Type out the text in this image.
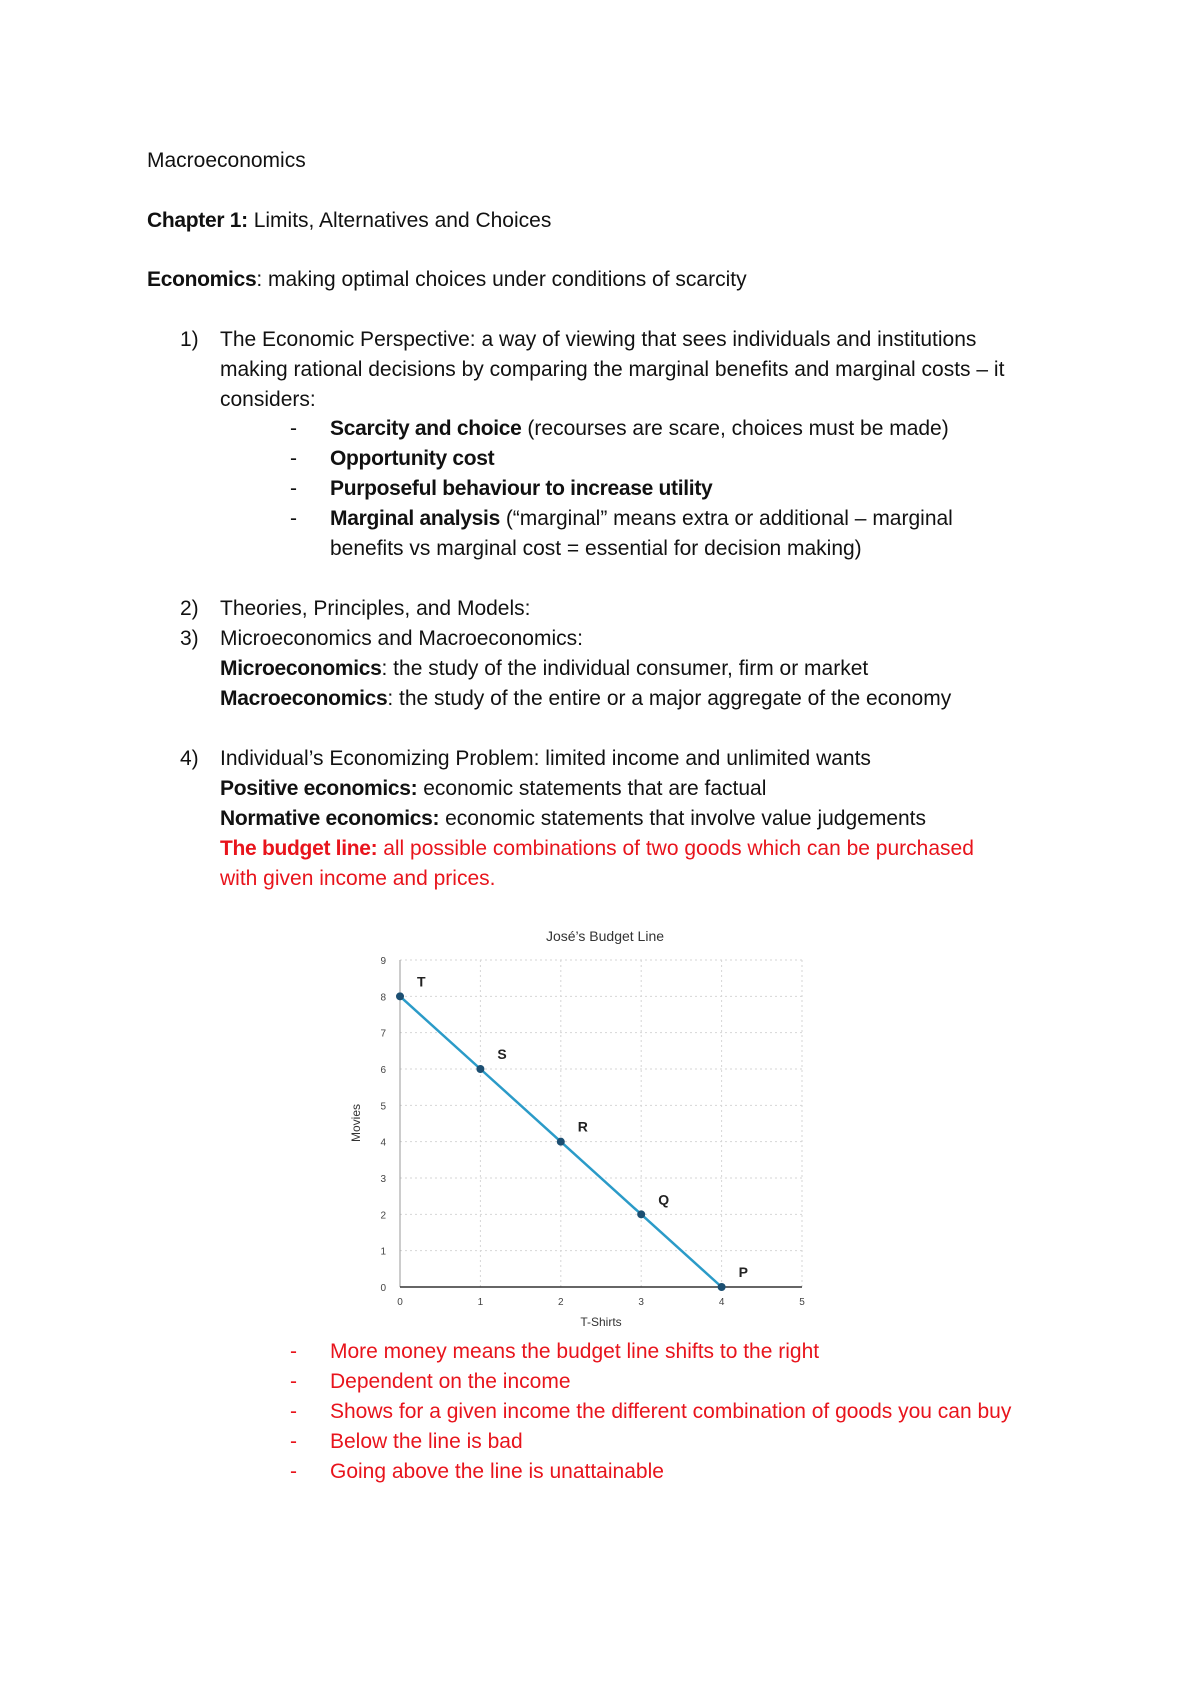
Macroeconomics
Chapter 1: Limits, Alternatives and Choices
Economics: making optimal choices under conditions of scarcity
1)	The Economic Perspective: a way of viewing that sees individuals and institutions
making rational decisions by comparing the marginal benefits and marginal costs – it
considers:
- Scarcity and choice (recourses are scare, choices must be made)
- Opportunity cost
- Purposeful behaviour to increase utility
- Marginal analysis (“marginal” means extra or additional – marginal
benefits vs marginal cost = essential for decision making)
2)	Theories, Principles, and Models:
3)	Microeconomics and Macroeconomics:
Microeconomics: the study of the individual consumer, firm or market
Macroeconomics: the study of the entire or a major aggregate of the economy
4)	Individual’s Economizing Problem: limited income and unlimited wants
Positive economics: economic statements that are factual
Normative economics: economic statements that involve value judgements
The budget line: all possible combinations of two goods which can be purchased
with given income and prices.
José’s Budget Line
0	1	2	3	4	5
0
1
2
3
4
5
6
7
8
9
T
S
R
Q
P
T-Shirts
Movies
- More money means the budget line shifts to the right
- Dependent on the income
- Shows for a given income the different combination of goods you can buy
- Below the line is bad
- Going above the line is unattainable
